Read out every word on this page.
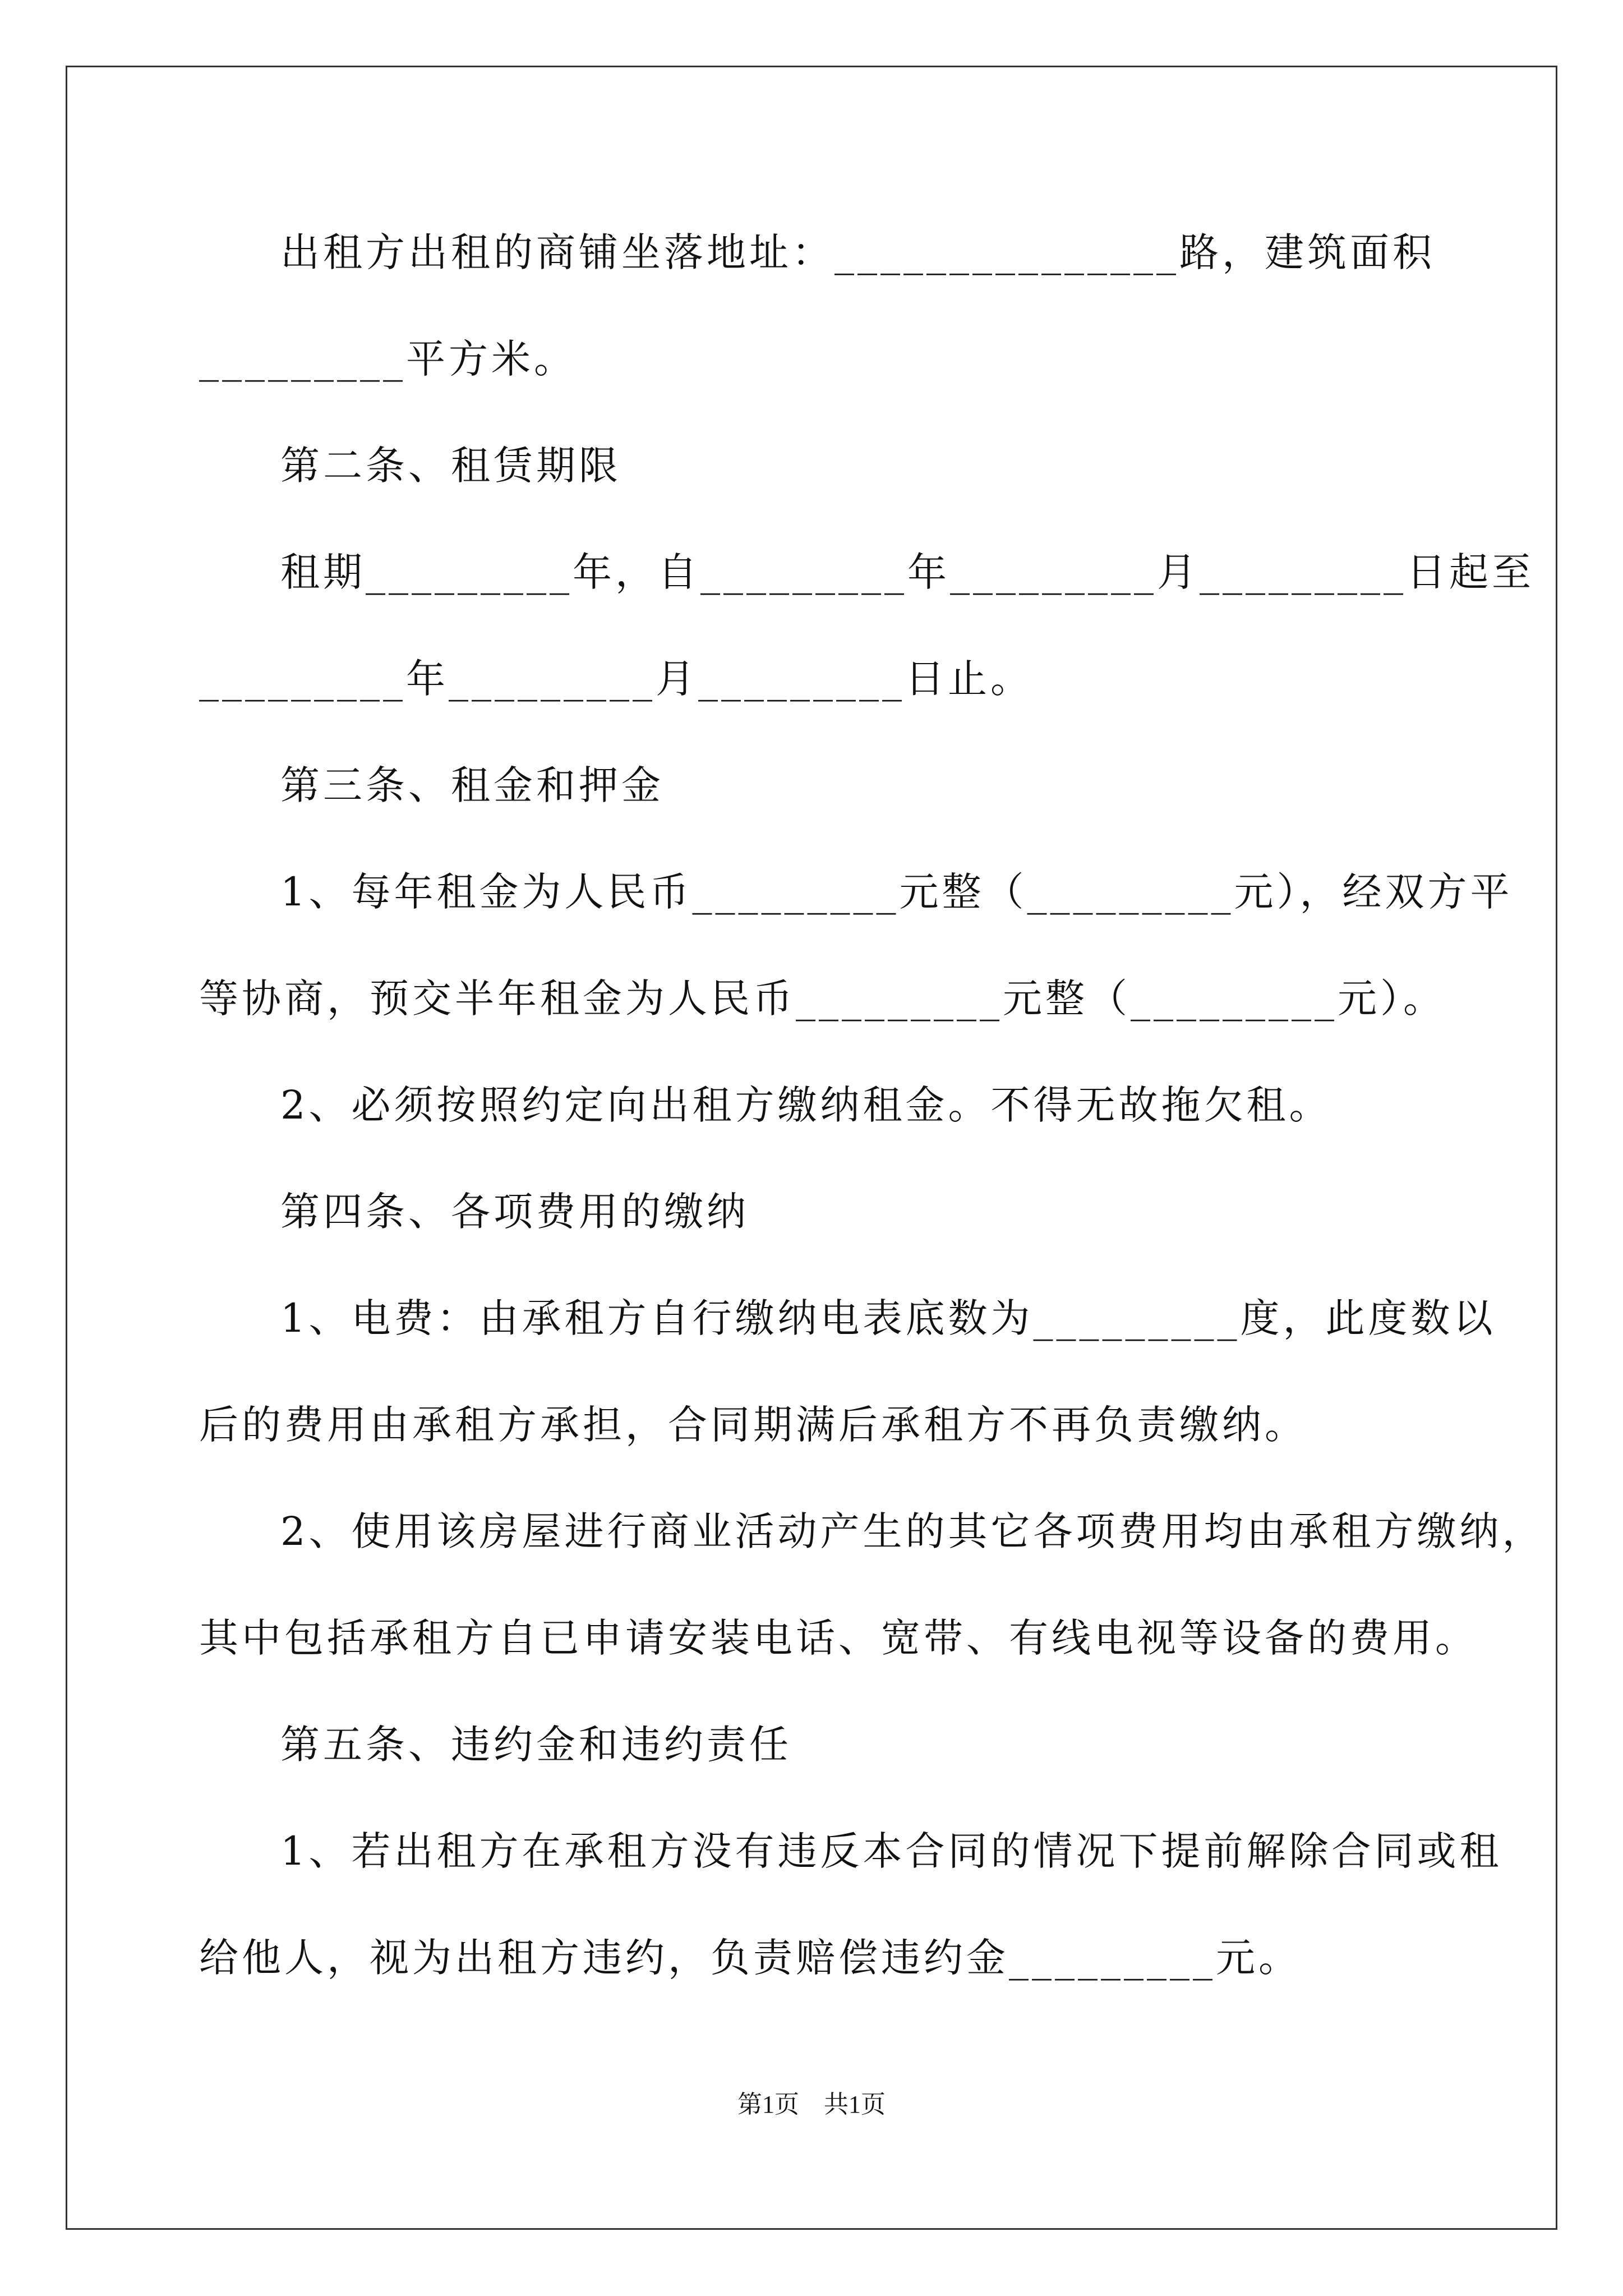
出租方出租的商铺坐落地址：_______________路，建筑面积
_________平方米。
第二条、租赁期限
租期_________年，自_________年_________月_________日起至
_________年_________月_________日止。
第三条、租金和押金
1、每年租金为人民币_________元整（_________元），经双方平
等协商，预交半年租金为人民币_________元整（_________元）。
2、必须按照约定向出租方缴纳租金。不得无故拖欠租。
第四条、各项费用的缴纳
1、电费：由承租方自行缴纳电表底数为_________度，此度数以
后的费用由承租方承担，合同期满后承租方不再负责缴纳。
2、使用该房屋进行商业活动产生的其它各项费用均由承租方缴纳，
其中包括承租方自已申请安装电话、宽带、有线电视等设备的费用。
第五条、违约金和违约责任
1、若出租方在承租方没有违反本合同的情况下提前解除合同或租
给他人，视为出租方违约，负责赔偿违约金_________元。
第1页　共1页
